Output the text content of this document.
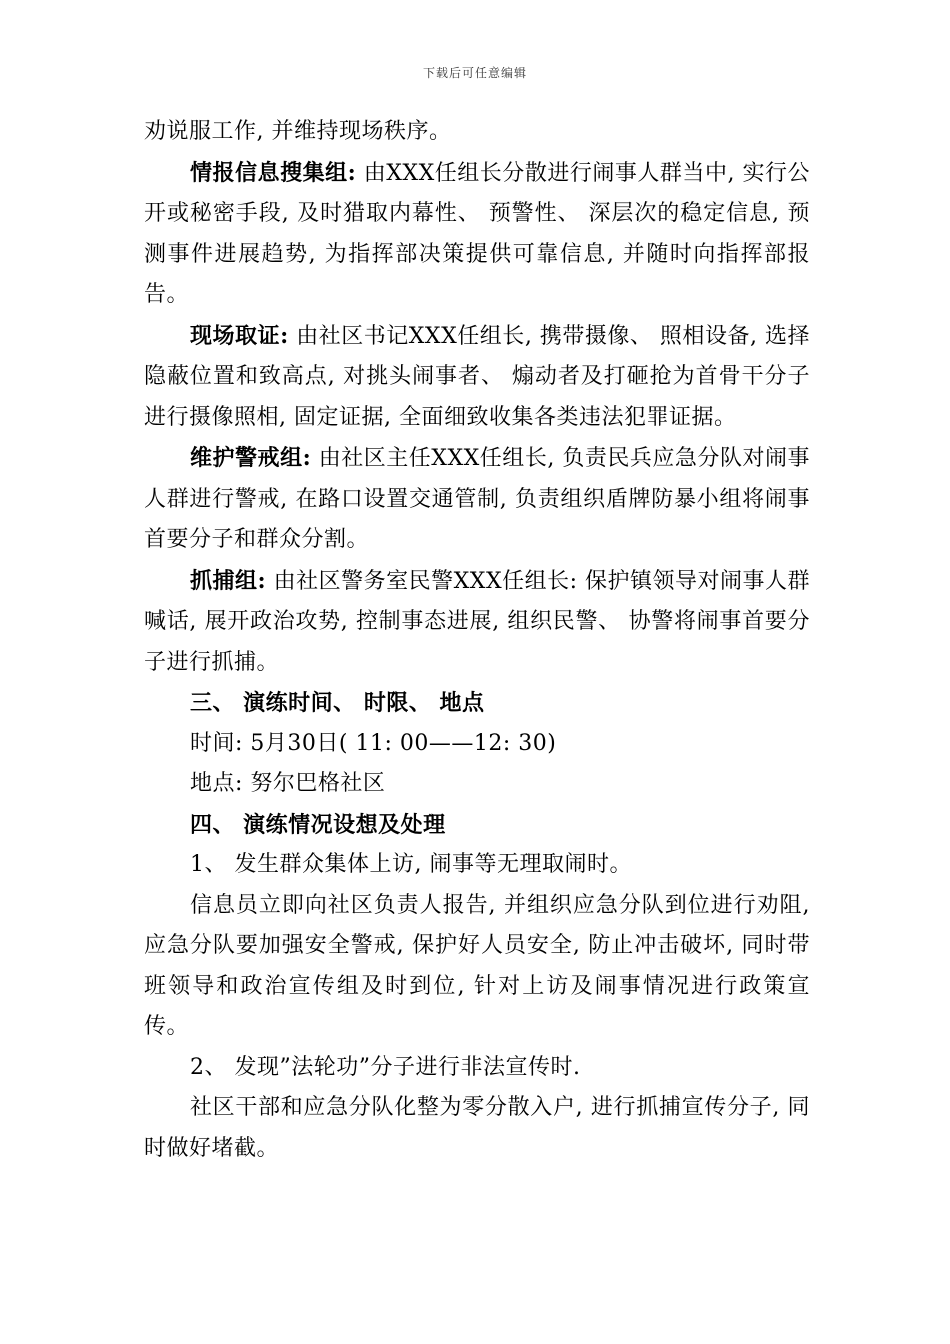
下载后可任意编辑

劝说服工作, 并维持现场秩序。

情报信息搜集组: 由XXX任组长分散进行闹事人群当中, 实行公开或秘密手段, 及时猎取内幕性、 预警性、 深层次的稳定信息, 预测事件进展趋势, 为指挥部决策提供可靠信息, 并随时向指挥部报告。

现场取证: 由社区书记XXX任组长, 携带摄像、 照相设备, 选择隐蔽位置和致高点, 对挑头闹事者、 煽动者及打砸抢为首骨干分子进行摄像照相, 固定证据, 全面细致收集各类违法犯罪证据。

维护警戒组: 由社区主任XXX任组长, 负责民兵应急分队对闹事人群进行警戒, 在路口设置交通管制, 负责组织盾牌防暴小组将闹事首要分子和群众分割。

抓捕组: 由社区警务室民警XXX任组长: 保护镇领导对闹事人群喊话, 展开政治攻势, 控制事态进展, 组织民警、 协警将闹事首要分子进行抓捕。

三、 演练时间、 时限、 地点

时间: 5月30日( 11: 00——12: 30)

地点: 努尔巴格社区

四、 演练情况设想及处理

1、 发生群众集体上访, 闹事等无理取闹时。

信息员立即向社区负责人报告, 并组织应急分队到位进行劝阻, 应急分队要加强安全警戒, 保护好人员安全, 防止冲击破坏, 同时带班领导和政治宣传组及时到位, 针对上访及闹事情况进行政策宣传。

2、 发现”法轮功”分子进行非法宣传时.

社区干部和应急分队化整为零分散入户, 进行抓捕宣传分子, 同时做好堵截。
